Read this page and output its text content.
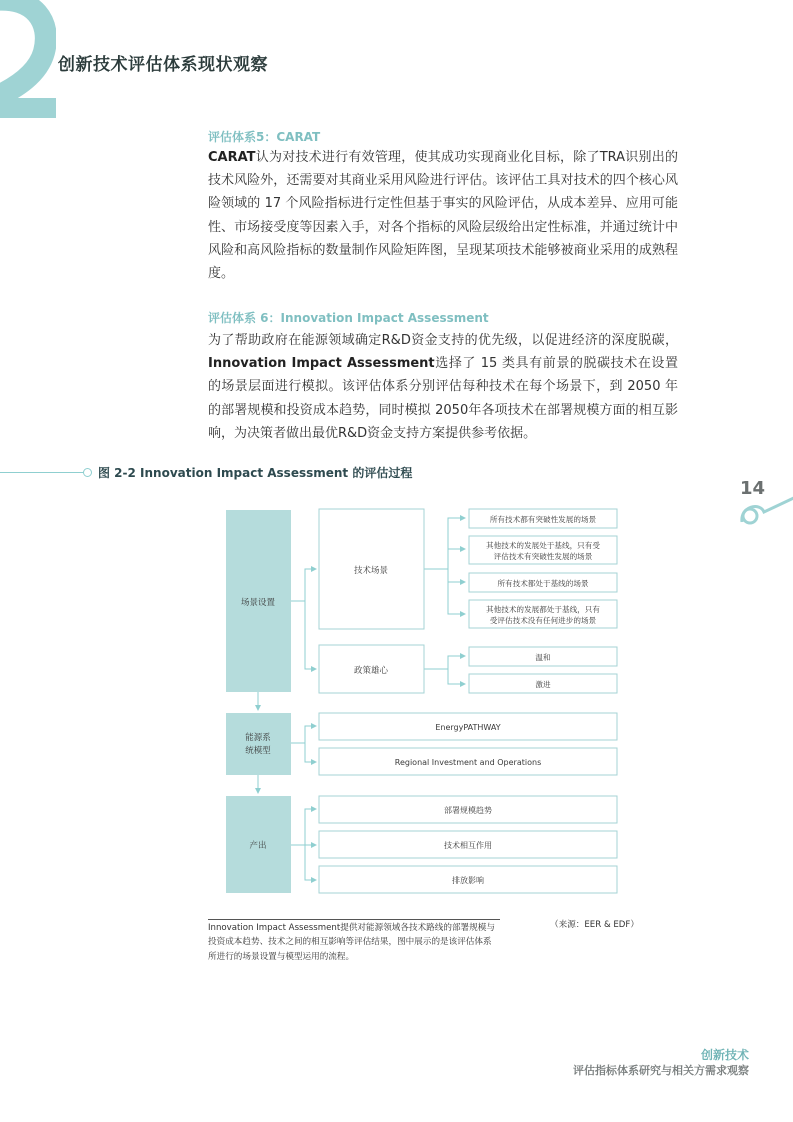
创新技术评估体系现状观察
评估体系5：CARAT
CARAT认为对技术进行有效管理，使其成功实现商业化目标，除了TRA识别出的技术风险外，还需要对其商业采用风险进行评估。该评估工具对技术的四个核心风险领域的 17 个风险指标进行定性但基于事实的风险评估，从成本差异、应用可能性、市场接受度等因素入手，对各个指标的风险层级给出定性标准，并通过统计中风险和高风险指标的数量制作风险矩阵图，呈现某项技术能够被商业采用的成熟程度。
评估体系 6：Innovation Impact Assessment
为了帮助政府在能源领域确定R&D资金支持的优先级，以促进经济的深度脱碳，Innovation Impact Assessment选择了 15 类具有前景的脱碳技术在设置的场景层面进行模拟。该评估体系分别评估每种技术在每个场景下，到 2050 年的部署规模和投资成本趋势，同时模拟 2050年各项技术在部署规模方面的相互影响，为决策者做出最优R&D资金支持方案提供参考依据。
图 2-2 Innovation Impact Assessment 的评估过程
14
场景设置
能源系
统模型
产出
技术场景
政策雄心
所有技术都有突破性发展的场景
其他技术的发展处于基线，只有受
评估技术有突破性发展的场景
所有技术都处于基线的场景
其他技术的发展都处于基线，只有
受评估技术没有任何进步的场景
温和
激进
EnergyPATHWAY
Regional Investment and Operations
部署规模趋势
技术相互作用
排放影响
Innovation Impact Assessment提供对能源领域各技术路线的部署规模与投资成本趋势、技术之间的相互影响等评估结果，图中展示的是该评估体系所进行的场景设置与模型运用的流程。
（来源：EER & EDF）
创新技术
评估指标体系研究与相关方需求观察
